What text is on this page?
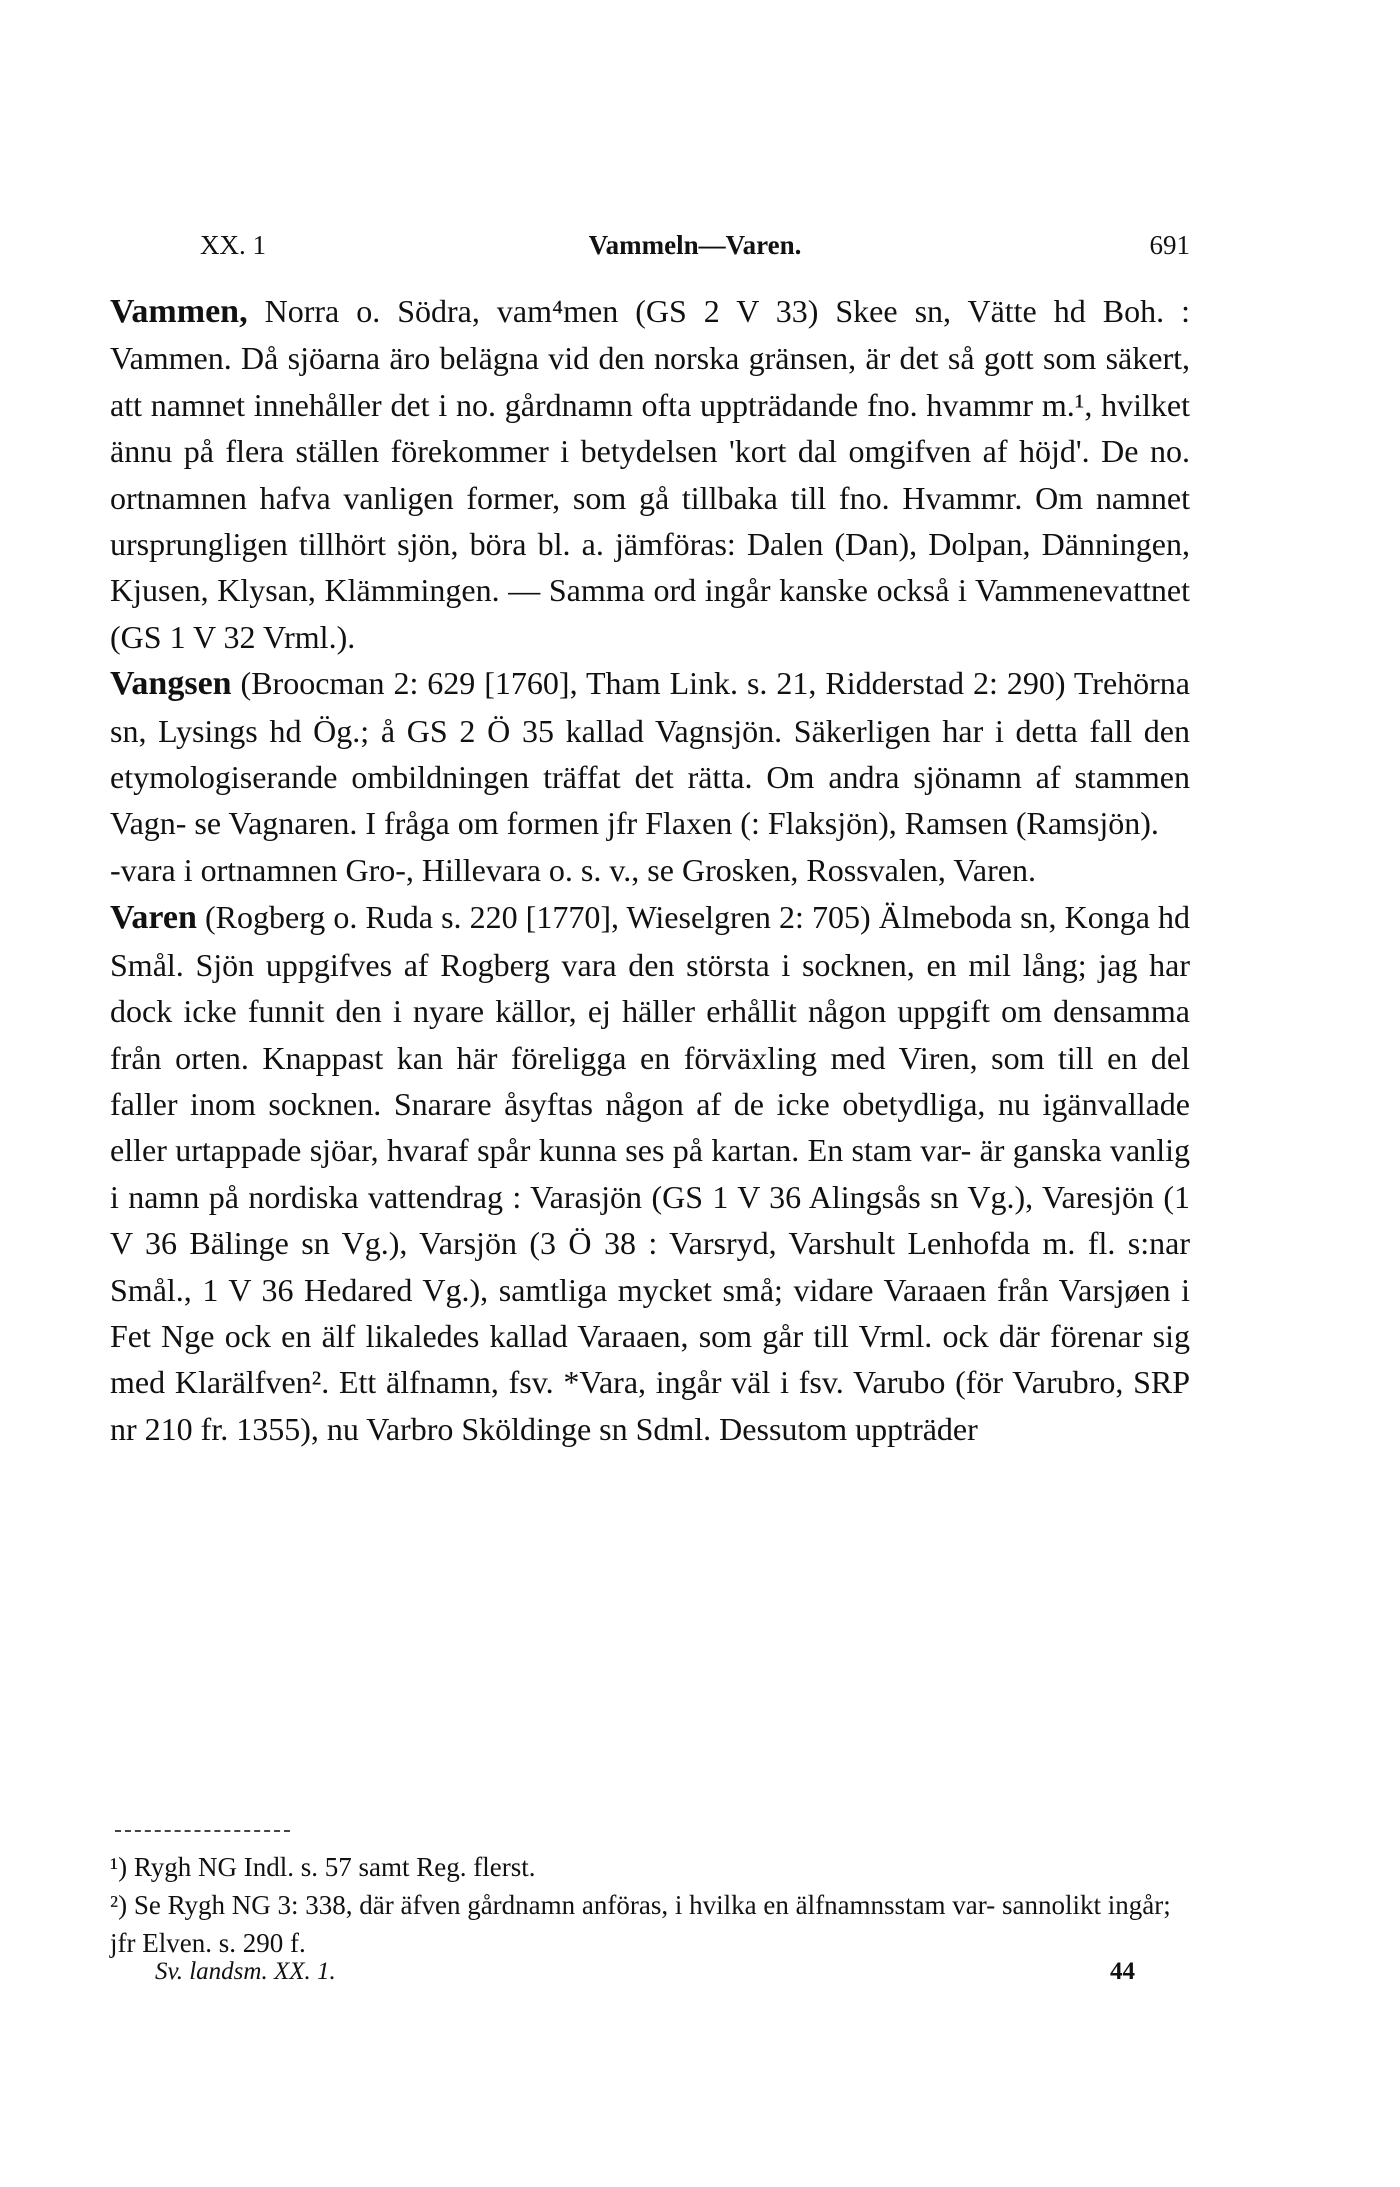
XX. 1	Vammeln—Varen.	691

Vammen, Norra o. Södra, vam⁴men (GS 2 V 33) Skee sn, Vätte hd Boh. : Vammen. Då sjöarna äro belägna vid den norska gränsen, är det så gott som säkert, att namnet innehåller det i no. gårdnamn ofta uppträdande fno. hvammr m.¹, hvilket ännu på flera ställen förekommer i betydelsen 'kort dal omgifven af höjd'. De no. ortnamnen hafva vanligen former, som gå tillbaka till fno. Hvammr. Om namnet ursprungligen tillhört sjön, böra bl. a. jämföras: Dalen (Dan), Dolpan, Dänningen, Kjusen, Klysan, Klämmingen. — Samma ord ingår kanske också i Vammenevattnet (GS 1 V 32 Vrml.).

Vangsen (Broocman 2: 629 [1760], Tham Link. s. 21, Ridderstad 2: 290) Trehörna sn, Lysings hd Ög.; å GS 2 Ö 35 kallad Vagnsjön. Säkerligen har i detta fall den etymologiserande ombildningen träffat det rätta. Om andra sjönamn af stammen Vagn- se Vagnaren. I fråga om formen jfr Flaxen (: Flaksjön), Ramsen (Ramsjön).

-vara i ortnamnen Gro-, Hillevara o. s. v., se Grosken, Rossvalen, Varen.

Varen (Rogberg o. Ruda s. 220 [1770], Wieselgren 2: 705) Älmeboda sn, Konga hd Smål. Sjön uppgifves af Rogberg vara den största i socknen, en mil lång; jag har dock icke funnit den i nyare källor, ej häller erhållit någon uppgift om densamma från orten. Knappast kan här föreligga en förväxling med Viren, som till en del faller inom socknen. Snarare åsyftas någon af de icke obetydliga, nu igänvallade eller urtappade sjöar, hvaraf spår kunna ses på kartan. En stam var- är ganska vanlig i namn på nordiska vattendrag : Varasjön (GS 1 V 36 Alingsås sn Vg.), Varesjön (1 V 36 Bälinge sn Vg.), Varsjön (3 Ö 38 : Varsryd, Varshult Lenhofda m. fl. s:nar Smål., 1 V 36 Hedared Vg.), samtliga mycket små; vidare Varaaen från Varsjøen i Fet Nge ock en älf likaledes kallad Varaaen, som går till Vrml. ock där förenar sig med Klarälfven². Ett älfnamn, fsv. *Vara, ingår väl i fsv. Varubo (för Varubro, SRP nr 210 fr. 1355), nu Varbro Sköldinge sn Sdml. Dessutom uppträder

¹) Rygh NG Indl. s. 57 samt Reg. flerst.

²) Se Rygh NG 3: 338, där äfven gårdnamn anföras, i hvilka en älfnamnsstam var- sannolikt ingår; jfr Elven. s. 290 f.

Sv. landsm. XX. 1.	44
